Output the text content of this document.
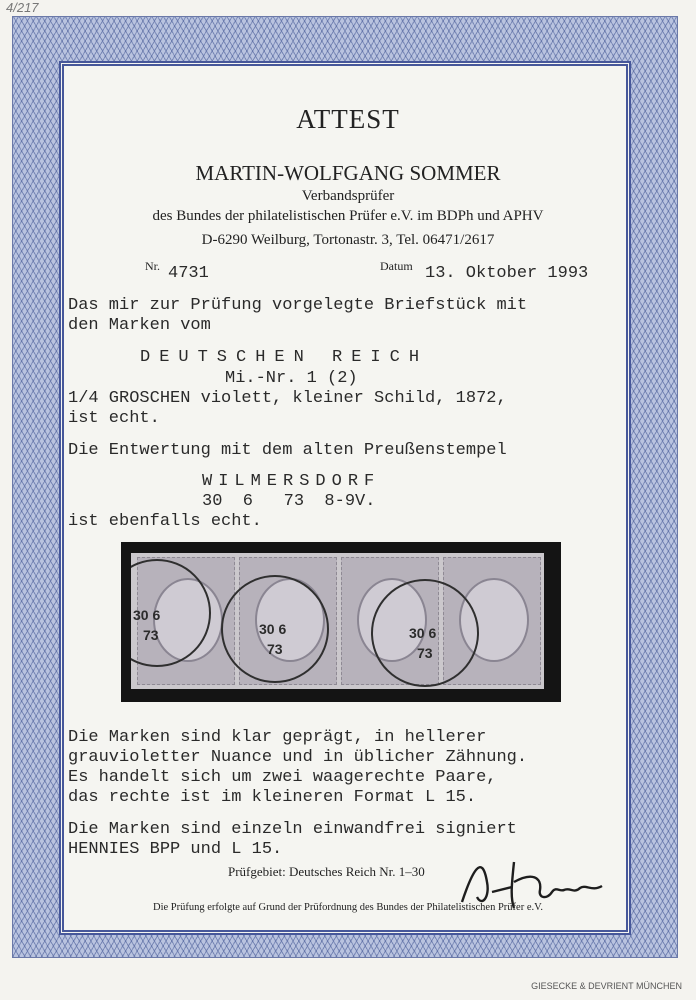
4/217
ATTEST
MARTIN-WOLFGANG SOMMER
Verbandsprüfer
des Bundes der philatelistischen Prüfer e.V. im BDPh und APHV
D-6290 Weilburg, Tortonastr. 3, Tel. 06471/2617
Nr. 4731	Datum 13. Oktober 1993
Das mir zur Prüfung vorgelegte Briefstück mit
den Marken vom
DEUTSCHEN REICH
Mi.-Nr. 1 (2)
1/4 GROSCHEN violett, kleiner Schild, 1872,
ist echt.
Die Entwertung mit dem alten Preußenstempel
WILMERSDORF
30  6   73  8-9V.
ist ebenfalls echt.
30 6
73	30 6
73
30 6
73
Die Marken sind klar geprägt, in hellerer
grauvioletter Nuance und in üblicher Zähnung.
Es handelt sich um zwei waagerechte Paare,
das rechte ist im kleineren Format L 15.
Die Marken sind einzeln einwandfrei signiert
HENNIES BPP und L 15.
Prüfgebiet: Deutsches Reich Nr. 1–30
Die Prüfung erfolgte auf Grund der Prüfordnung des Bundes der Philatelistischen Prüfer e.V.
GIESECKE & DEVRIENT MÜNCHEN
